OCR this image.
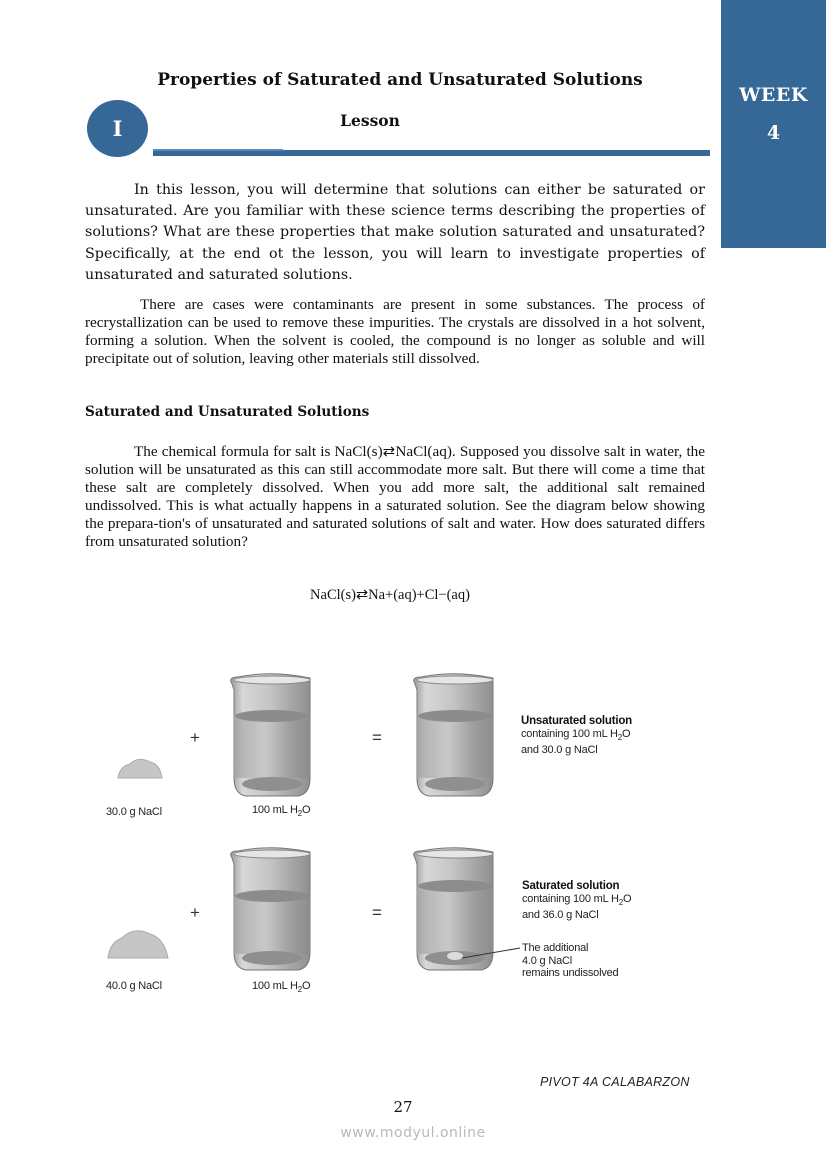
WEEK
4
Properties of Saturated and Unsaturated Solutions
I	Lesson
In this lesson, you will determine that solutions can either be saturated or unsaturated. Are you familiar with these science terms describing the properties of solutions? What are these properties that make solution saturated and unsaturated? Specifically, at the end ot the lesson, you will learn to investigate properties of unsaturated and saturated solutions.
There are cases were contaminants are present in some substances. The process of recrystallization can be used to remove these impurities. The crystals are dissolved in a hot solvent, forming a solution. When the solvent is cooled, the compound is no longer as soluble and will precipitate out of solution, leaving other materials still dissolved.
Saturated and Unsaturated Solutions
The chemical formula for salt is NaCl(s)⇄NaCl(aq). Supposed you dissolve salt in water, the solution will be unsaturated as this can still accommodate more salt. But there will come a time that these salt are completely dissolved. When you add more salt, the additional salt remained undissolved. This is what actually happens in a saturated solution. See the diagram below showing the prepara-tion's of unsaturated and saturated solutions of salt and water. How does saturated differs from unsaturated solution?
NaCl(s)⇄Na+(aq)+Cl−(aq)
30.0 g NaCl	100 mL $H_2O$
+	=
Unsaturated solution
containing 100 mL $H_2O$
and 30.0 g NaCl
40.0 g NaCl	100 mL $H_2O$
+	=
Saturated solution
containing 100 mL $H_2O$
and 36.0 g NaCl
The additional
4.0 g NaCl
remains undissolved
PIVOT 4A CALABARZON
27
www.modyul.online
